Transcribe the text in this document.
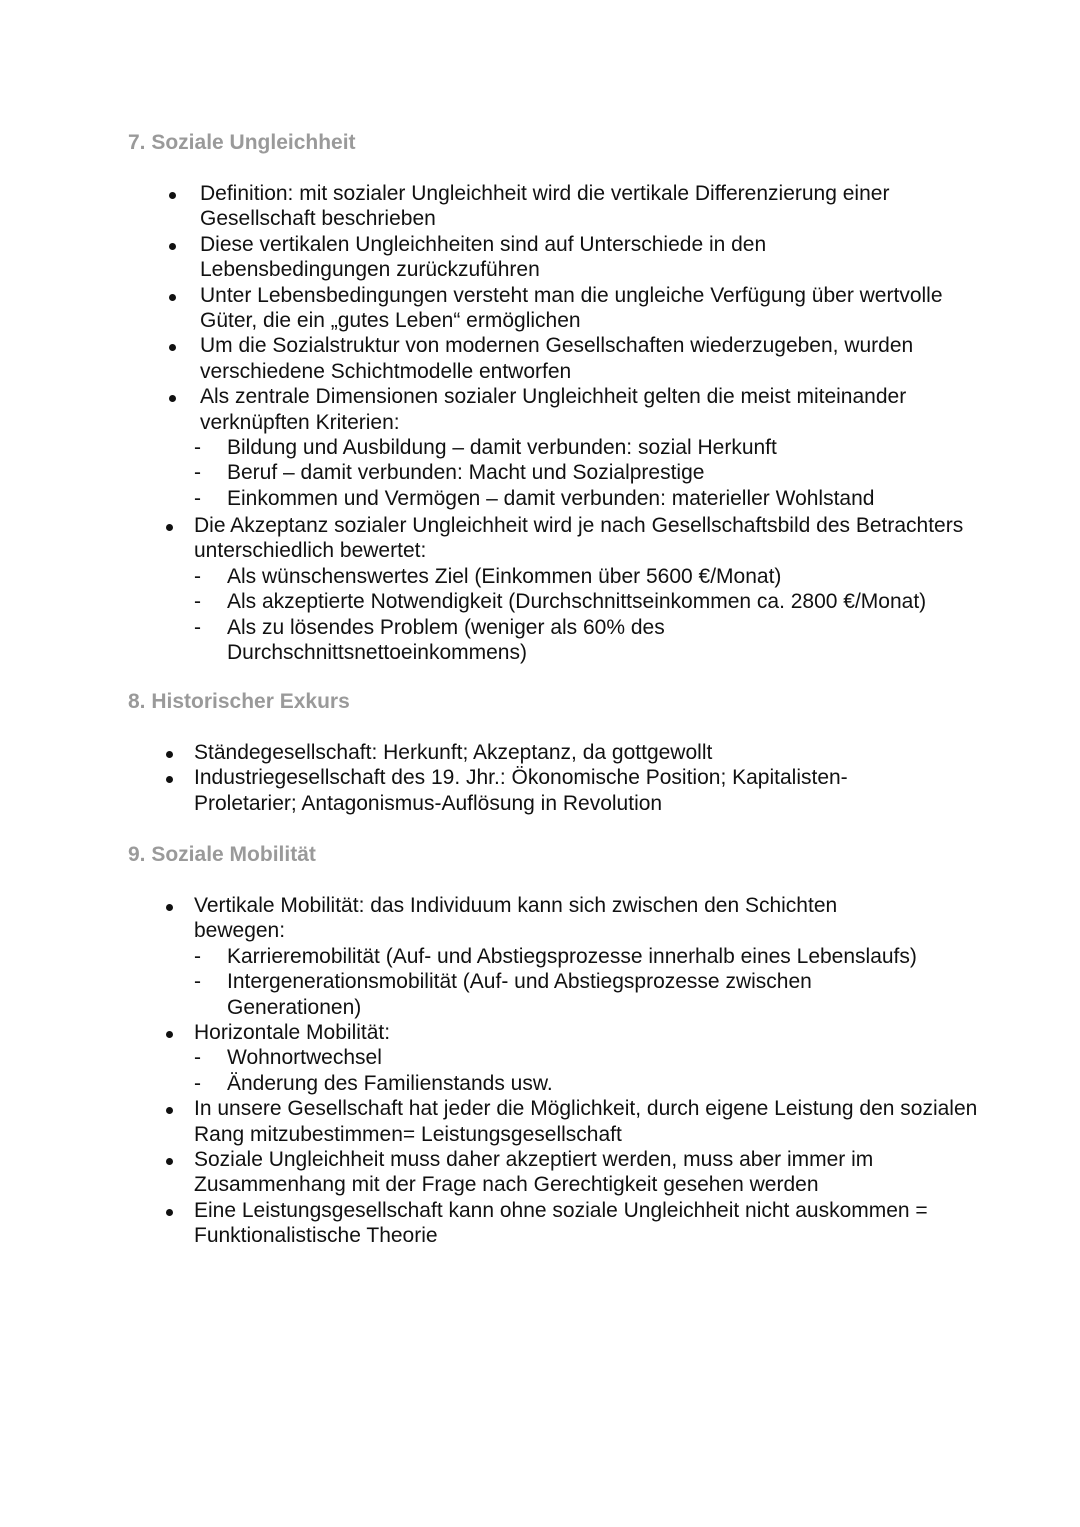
7. Soziale Ungleichheit
Definition: mit sozialer Ungleichheit wird die vertikale Differenzierung einer Gesellschaft beschrieben
Diese vertikalen Ungleichheiten sind auf Unterschiede in den Lebensbedingungen zurückzuführen
Unter Lebensbedingungen versteht man die ungleiche Verfügung über wertvolle Güter, die ein „gutes Leben“ ermöglichen
Um die Sozialstruktur von modernen Gesellschaften wiederzugeben, wurden verschiedene Schichtmodelle entworfen
Als zentrale Dimensionen sozialer Ungleichheit gelten die meist miteinander verknüpften Kriterien:
-	Bildung und Ausbildung – damit verbunden: sozial Herkunft
-	Beruf – damit verbunden: Macht und Sozialprestige
-	Einkommen und Vermögen – damit verbunden: materieller Wohlstand
Die Akzeptanz sozialer Ungleichheit wird je nach Gesellschaftsbild des Betrachters unterschiedlich bewertet:
-	Als wünschenswertes Ziel (Einkommen über 5600 €/Monat)
-	Als akzeptierte Notwendigkeit (Durchschnittseinkommen ca. 2800 €/Monat)
-	Als zu lösendes Problem (weniger als 60% des Durchschnittsnettoeinkommens)
8. Historischer Exkurs
Ständegesellschaft: Herkunft; Akzeptanz, da gottgewollt
Industriegesellschaft des 19. Jhr.: Ökonomische Position; Kapitalisten-Proletarier; Antagonismus-Auflösung in Revolution
9. Soziale Mobilität
Vertikale Mobilität: das Individuum kann sich zwischen den Schichten bewegen:
-	Karrieremobilität (Auf- und Abstiegsprozesse innerhalb eines Lebenslaufs)
-	Intergenerationsmobilität (Auf- und Abstiegsprozesse zwischen Generationen)
Horizontale Mobilität:
-	Wohnortwechsel
-	Änderung des Familienstands usw.
In unsere Gesellschaft hat jeder die Möglichkeit, durch eigene Leistung den sozialen Rang mitzubestimmen= Leistungsgesellschaft
Soziale Ungleichheit muss daher akzeptiert werden, muss aber immer im Zusammenhang mit der Frage nach Gerechtigkeit gesehen werden
Eine Leistungsgesellschaft kann ohne soziale Ungleichheit nicht auskommen = Funktionalistische Theorie
